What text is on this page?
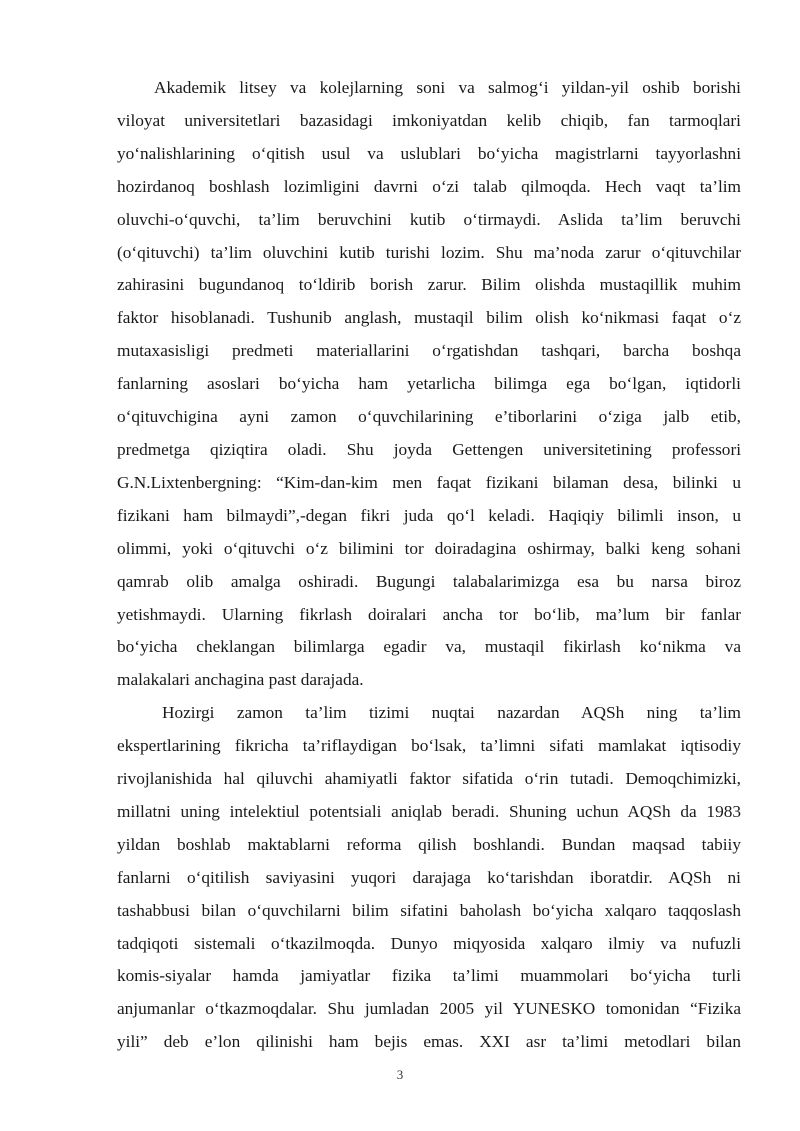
Akademik litsey va kolejlarning soni va salmog‘i yildan-yil oshib borishi
viloyat universitetlari bazasidagi imkoniyatdan kelib chiqib, fan tarmoqlari
yo‘nalishlarining o‘qitish usul va uslublari bo‘yicha magistrlarni tayyorlashni
hozirdanoq boshlash lozimligini davrni o‘zi talab qilmoqda. Hech vaqt ta’lim
oluvchi-o‘quvchi, ta’lim beruvchini kutib o‘tirmaydi. Aslida ta’lim beruvchi
(o‘qituvchi) ta’lim oluvchini kutib turishi lozim. Shu ma’noda zarur o‘qituvchilar
zahirasini bugundanoq to‘ldirib borish zarur. Bilim olishda mustaqillik muhim
faktor hisoblanadi. Tushunib anglash, mustaqil bilim olish ko‘nikmasi faqat o‘z
mutaxasisligi predmeti materiallarini o‘rgatishdan tashqari, barcha boshqa
fanlarning asoslari bo‘yicha ham yetarlicha bilimga ega bo‘lgan, iqtidorli
o‘qituvchigina ayni zamon o‘quvchilarining e’tiborlarini o‘ziga jalb etib,
predmetga qiziqtira oladi. Shu joyda Gettengen universitetining professori
G.N.Lixtenbergning: “Kim-dan-kim men faqat fizikani bilaman desa, bilinki u
fizikani ham bilmaydi”,-degan fikri juda qo‘l keladi. Haqiqiy bilimli inson, u
olimmi, yoki o‘qituvchi o‘z bilimini tor doiradagina oshirmay, balki keng sohani
qamrab olib amalga oshiradi. Bugungi talabalarimizga esa bu narsa biroz
yetishmaydi. Ularning fikrlash doiralari ancha tor bo‘lib, ma’lum bir fanlar
bo‘yicha cheklangan bilimlarga egadir va, mustaqil fikirlash ko‘nikma va
malakalari anchagina past darajada.

Hozirgi zamon ta’lim tizimi nuqtai nazardan AQSh ning ta’lim
ekspertlarining fikricha ta’riflaydigan bo‘lsak, ta’limni sifati mamlakat iqtisodiy
rivojlanishida hal qiluvchi ahamiyatli faktor sifatida o‘rin tutadi. Demoqchimizki,
millatni uning intelektiul potentsiali aniqlab beradi. Shuning uchun AQSh da 1983
yildan boshlab maktablarni reforma qilish boshlandi. Bundan maqsad tabiiy
fanlarni o‘qitilish saviyasini yuqori darajaga ko‘tarishdan iboratdir. AQSh ni
tashabbusi bilan o‘quvchilarni bilim sifatini baholash bo‘yicha xalqaro taqqoslash
tadqiqoti sistemali o‘tkazilmoqda. Dunyo miqyosida xalqaro ilmiy va nufuzli
komis-siyalar hamda jamiyatlar fizika ta’limi muammolari bo‘yicha turli
anjumanlar o‘tkazmoqdalar. Shu jumladan 2005 yil YUNESKO tomonidan “Fizika
yili” deb e’lon qilinishi ham bejis emas. XXI asr ta’limi metodlari bilan

3
